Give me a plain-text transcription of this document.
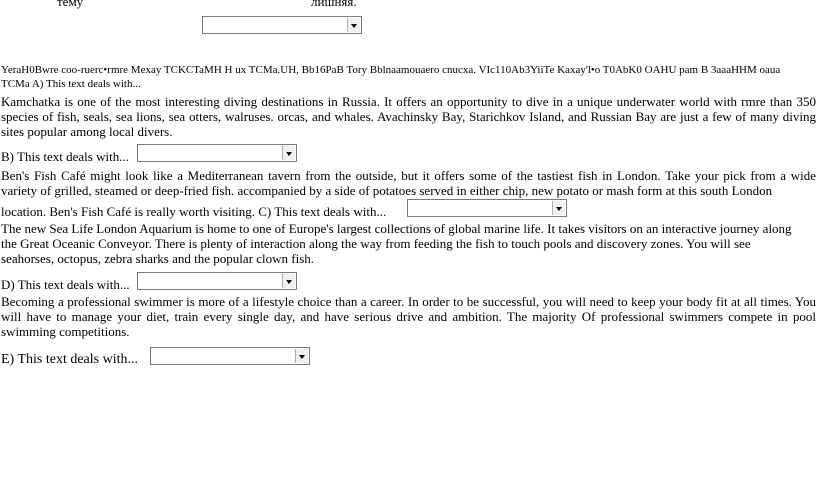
тему	лишняя.
YeraH0Bwre coo-ruerc•rmre Mexay TCKCTaMH H ux TCMa.UH, Bb16PaB Tory Bblnaamouaero cnucxa. VIc110Ab3YiiTe Kaxay'l•o T0AbK0 OAHU pam B 3aaaHHM oaua
TCMa A) This text deals with...
Kamchatka is one of the most interesting diving destinations in Russia. It offers an opportunity to dive in a unique underwater world with rmre than 350 species of fish, seals, sea lions, sea otters, walruses. orcas, and whales. Avachinsky Bay, Starichkov Island, and Russian Bay are just a few of many diving sites popular among local divers.
B) This text deals with...
Ben's Fish Café might look like a Mediterranean tavern from the outside, but it offers some of the tastiest fish in London. Take your pick from a wide variety of grilled, steamed or deep-fried fish. accompanied by a side of potatoes served in either chip, new potato or mash form at this south London
location. Ben's Fish Café is really worth visiting. C) This text deals with...
The new Sea Life London Aquarium is home to one of Europe's largest collections of global marine life. It takes visitors on an interactive journey along the Great Oceanic Conveyor. There is plenty of interaction along the way from feeding the fish to touch pools and discovery zones. You will see seahorses, octopus, zebra sharks and the popular clown fish.
D) This text deals with...
Becoming a professional swimmer is more of a lifestyle choice than a career. In order to be successful, you will need to keep your body fit at all times. You will have to manage your diet, train every single day, and have serious drive and ambition. The majority Of professional swimmers compete in pool swimming competitions.
E) This text deals with...
